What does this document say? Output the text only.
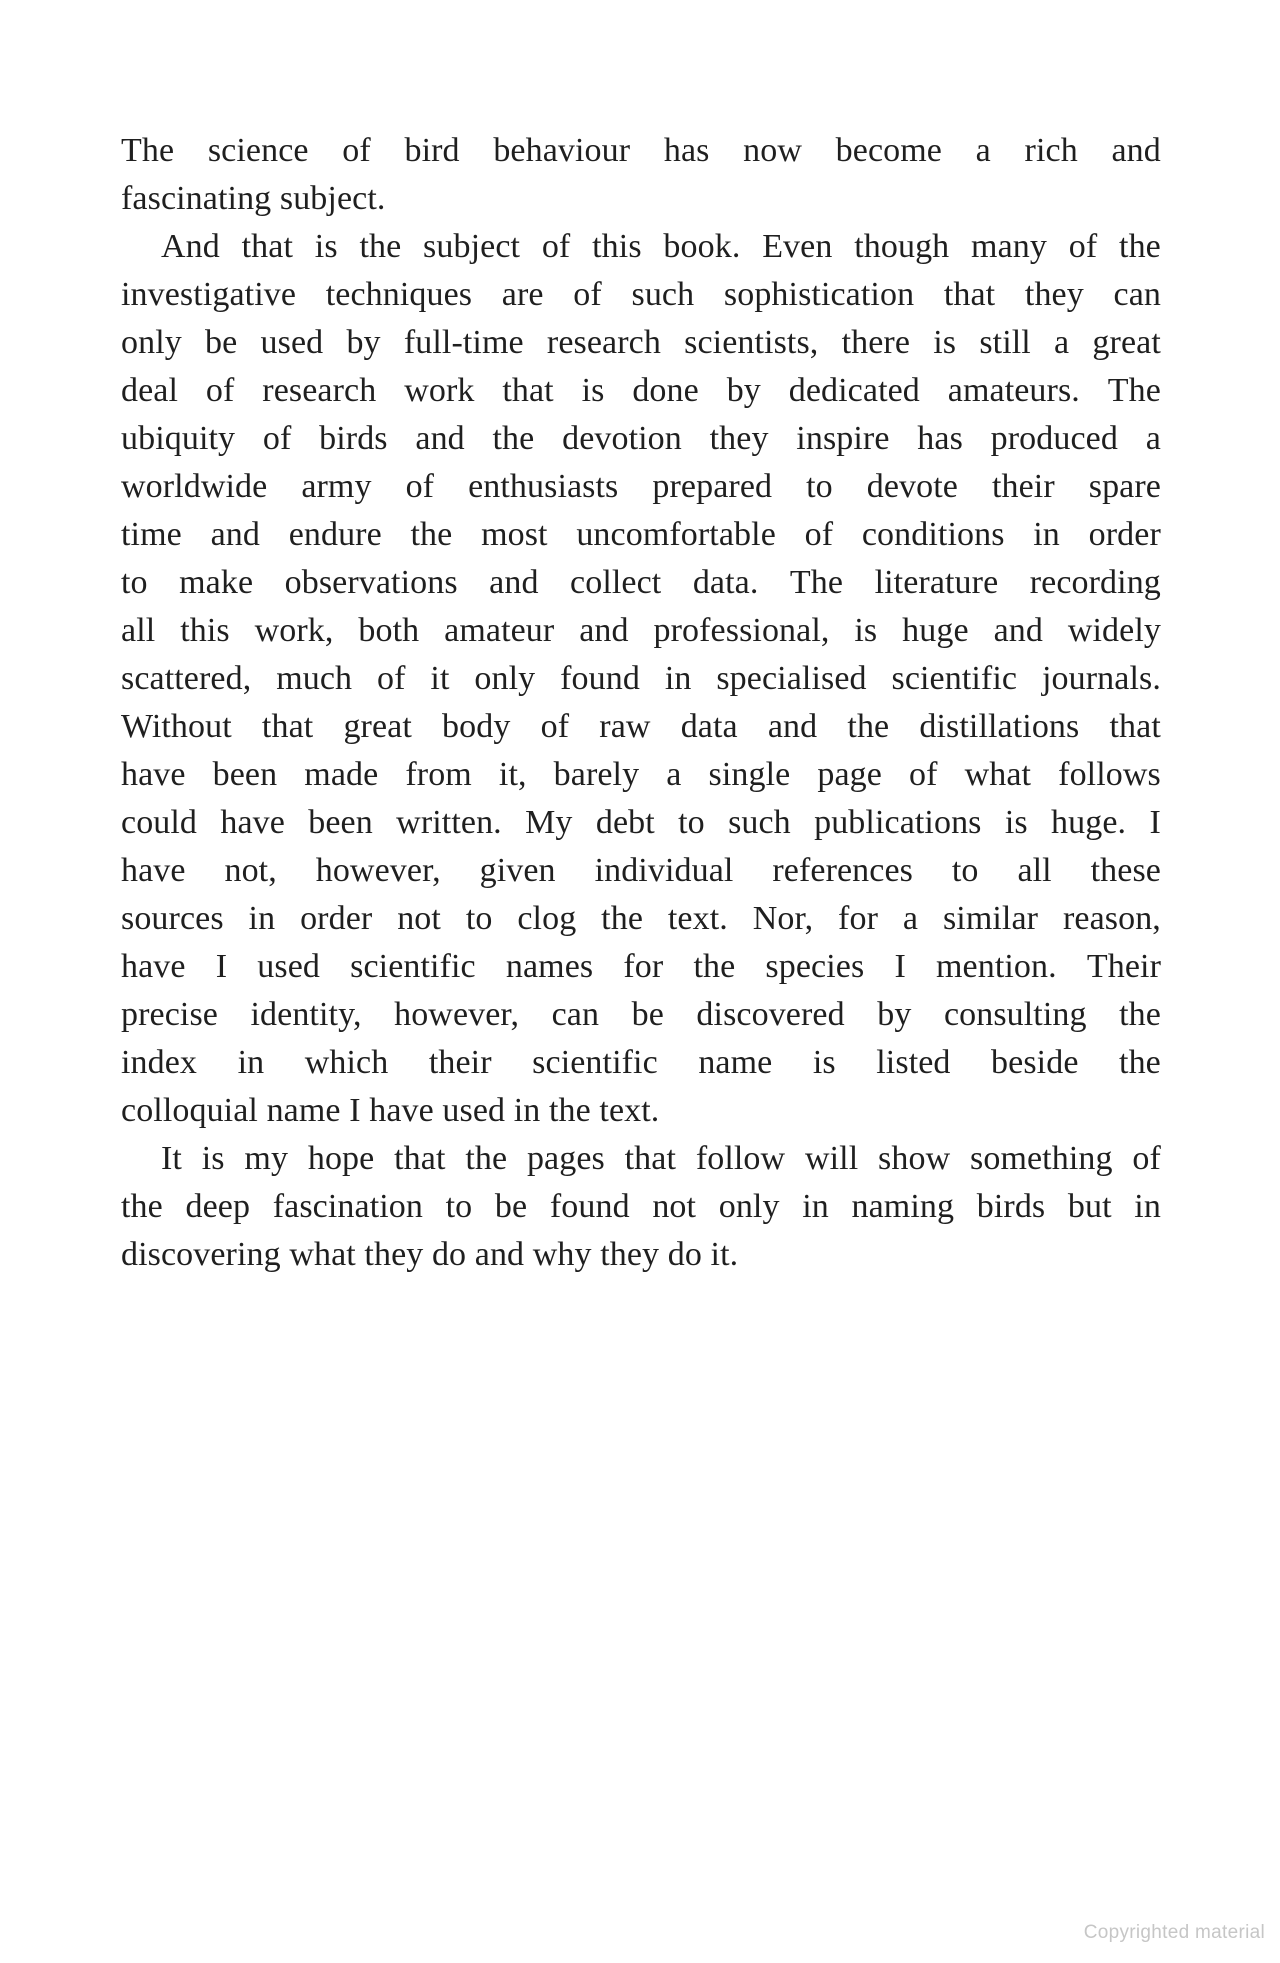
The science of bird behaviour has now become a rich and
fascinating subject.
And that is the subject of this book. Even though many of the
investigative techniques are of such sophistication that they can
only be used by full-time research scientists, there is still a great
deal of research work that is done by dedicated amateurs. The
ubiquity of birds and the devotion they inspire has produced a
worldwide army of enthusiasts prepared to devote their spare
time and endure the most uncomfortable of conditions in order
to make observations and collect data. The literature recording
all this work, both amateur and professional, is huge and widely
scattered, much of it only found in specialised scientific journals.
Without that great body of raw data and the distillations that
have been made from it, barely a single page of what follows
could have been written. My debt to such publications is huge. I
have not, however, given individual references to all these
sources in order not to clog the text. Nor, for a similar reason,
have I used scientific names for the species I mention. Their
precise identity, however, can be discovered by consulting the
index in which their scientific name is listed beside the
colloquial name I have used in the text.
It is my hope that the pages that follow will show something of
the deep fascination to be found not only in naming birds but in
discovering what they do and why they do it.
Copyrighted material
